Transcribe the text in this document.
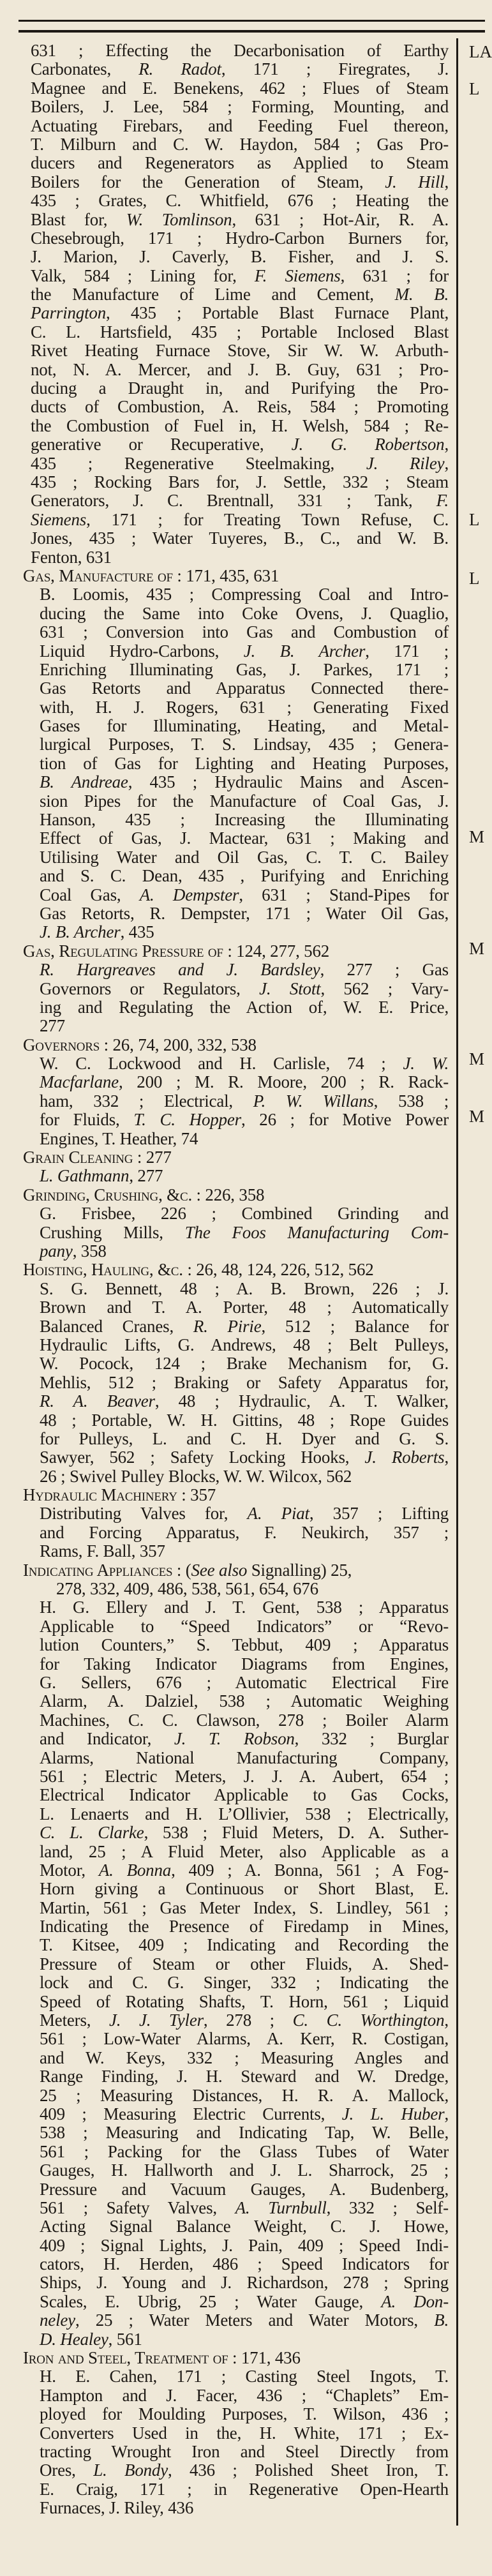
631 ; Effecting the Decarbonisation of Earthy
Carbonates, R. Radot, 171 ; Firegrates, J.
Magnee and E. Benekens, 462 ; Flues of Steam
Boilers, J. Lee, 584 ; Forming, Mounting, and
Actuating Firebars, and Feeding Fuel thereon,
T. Milburn and C. W. Haydon, 584 ; Gas Pro-
ducers and Regenerators as Applied to Steam
Boilers for the Generation of Steam, J. Hill,
435 ; Grates, C. Whitfield, 676 ; Heating the
Blast for, W. Tomlinson, 631 ; Hot-Air, R. A.
Chesebrough, 171 ; Hydro-Carbon Burners for,
J. Marion, J. Caverly, B. Fisher, and J. S.
Valk, 584 ; Lining for, F. Siemens, 631 ; for
the Manufacture of Lime and Cement, M. B.
Parrington, 435 ; Portable Blast Furnace Plant,
C. L. Hartsfield, 435 ; Portable Inclosed Blast
Rivet Heating Furnace Stove, Sir W. W. Arbuth-
not, N. A. Mercer, and J. B. Guy, 631 ; Pro-
ducing a Draught in, and Purifying the Pro-
ducts of Combustion, A. Reis, 584 ; Promoting
the Combustion of Fuel in, H. Welsh, 584 ; Re-
generative or Recuperative, J. G. Robertson,
435 ; Regenerative Steelmaking, J. Riley,
435 ; Rocking Bars for, J. Settle, 332 ; Steam
Generators, J. C. Brentnall, 331 ; Tank, F.
Siemens, 171 ; for Treating Town Refuse, C.
Jones, 435 ; Water Tuyeres, B., C., and W. B.
Fenton, 631
Gas, Manufacture of : 171, 435, 631
B. Loomis, 435 ; Compressing Coal and Intro-
ducing the Same into Coke Ovens, J. Quaglio,
631 ; Conversion into Gas and Combustion of
Liquid Hydro-Carbons, J. B. Archer, 171 ;
Enriching Illuminating Gas, J. Parkes, 171 ;
Gas Retorts and Apparatus Connected there-
with, H. J. Rogers, 631 ; Generating Fixed
Gases for Illuminating, Heating, and Metal-
lurgical Purposes, T. S. Lindsay, 435 ; Genera-
tion of Gas for Lighting and Heating Purposes,
B. Andreae, 435 ; Hydraulic Mains and Ascen-
sion Pipes for the Manufacture of Coal Gas, J.
Hanson, 435 ; Increasing the Illuminating
Effect of Gas, J. Mactear, 631 ; Making and
Utilising Water and Oil Gas, C. T. C. Bailey
and S. C. Dean, 435 , Purifying and Enriching
Coal Gas, A. Dempster, 631 ; Stand-Pipes for
Gas Retorts, R. Dempster, 171 ; Water Oil Gas,
J. B. Archer, 435
Gas, Regulating Pressure of : 124, 277, 562
R. Hargreaves and J. Bardsley, 277 ; Gas
Governors or Regulators, J. Stott, 562 ; Vary-
ing and Regulating the Action of, W. E. Price,
277
Governors : 26, 74, 200, 332, 538
W. C. Lockwood and H. Carlisle, 74 ; J. W.
Macfarlane, 200 ; M. R. Moore, 200 ; R. Rack-
ham, 332 ; Electrical, P. W. Willans, 538 ;
for Fluids, T. C. Hopper, 26 ; for Motive Power
Engines, T. Heather, 74
Grain Cleaning : 277
L. Gathmann, 277
Grinding, Crushing, &c. : 226, 358
G. Frisbee, 226 ; Combined Grinding and
Crushing Mills, The Foos Manufacturing Com-
pany, 358
Hoisting, Hauling, &c. : 26, 48, 124, 226, 512, 562
S. G. Bennett, 48 ; A. B. Brown, 226 ; J.
Brown and T. A. Porter, 48 ; Automatically
Balanced Cranes, R. Pirie, 512 ; Balance for
Hydraulic Lifts, G. Andrews, 48 ; Belt Pulleys,
W. Pocock, 124 ; Brake Mechanism for, G.
Mehlis, 512 ; Braking or Safety Apparatus for,
R. A. Beaver, 48 ; Hydraulic, A. T. Walker,
48 ; Portable, W. H. Gittins, 48 ; Rope Guides
for Pulleys, L. and C. H. Dyer and G. S.
Sawyer, 562 ; Safety Locking Hooks, J. Roberts,
26 ; Swivel Pulley Blocks, W. W. Wilcox, 562
Hydraulic Machinery : 357
Distributing Valves for, A. Piat, 357 ; Lifting
and Forcing Apparatus, F. Neukirch, 357 ;
Rams, F. Ball, 357
Indicating Appliances : (See also Signalling) 25,
278, 332, 409, 486, 538, 561, 654, 676
H. G. Ellery and J. T. Gent, 538 ; Apparatus
Applicable to “Speed Indicators” or “Revo-
lution Counters,” S. Tebbut, 409 ; Apparatus
for Taking Indicator Diagrams from Engines,
G. Sellers, 676 ; Automatic Electrical Fire
Alarm, A. Dalziel, 538 ; Automatic Weighing
Machines, C. C. Clawson, 278 ; Boiler Alarm
and Indicator, J. T. Robson, 332 ; Burglar
Alarms, National Manufacturing Company,
561 ; Electric Meters, J. J. A. Aubert, 654 ;
Electrical Indicator Applicable to Gas Cocks,
L. Lenaerts and H. L’Ollivier, 538 ; Electrically,
C. L. Clarke, 538 ; Fluid Meters, D. A. Suther-
land, 25 ; A Fluid Meter, also Applicable as a
Motor, A. Bonna, 409 ; A. Bonna, 561 ; A Fog-
Horn giving a Continuous or Short Blast, E.
Martin, 561 ; Gas Meter Index, S. Lindley, 561 ;
Indicating the Presence of Firedamp in Mines,
T. Kitsee, 409 ; Indicating and Recording the
Pressure of Steam or other Fluids, A. Shed-
lock and C. G. Singer, 332 ; Indicating the
Speed of Rotating Shafts, T. Horn, 561 ; Liquid
Meters, J. J. Tyler, 278 ; C. C. Worthington,
561 ; Low-Water Alarms, A. Kerr, R. Costigan,
and W. Keys, 332 ; Measuring Angles and
Range Finding, J. H. Steward and W. Dredge,
25 ; Measuring Distances, H. R. A. Mallock,
409 ; Measuring Electric Currents, J. L. Huber,
538 ; Measuring and Indicating Tap, W. Belle,
561 ; Packing for the Glass Tubes of Water
Gauges, H. Hallworth and J. L. Sharrock, 25 ;
Pressure and Vacuum Gauges, A. Budenberg,
561 ; Safety Valves, A. Turnbull, 332 ; Self-
Acting Signal Balance Weight, C. J. Howe,
409 ; Signal Lights, J. Pain, 409 ; Speed Indi-
cators, H. Herden, 486 ; Speed Indicators for
Ships, J. Young and J. Richardson, 278 ; Spring
Scales, E. Ubrig, 25 ; Water Gauge, A. Don-
neley, 25 ; Water Meters and Water Motors, B.
D. Healey, 561
Iron and Steel, Treatment of : 171, 436
H. E. Cahen, 171 ; Casting Steel Ingots, T.
Hampton and J. Facer, 436 ; “Chaplets” Em-
ployed for Moulding Purposes, T. Wilson, 436 ;
Converters Used in the, H. White, 171 ; Ex-
tracting Wrought Iron and Steel Directly from
Ores, L. Bondy, 436 ; Polished Sheet Iron, T.
E. Craig, 171 ; in Regenerative Open-Hearth
Furnaces, J. Riley, 436
LA
L
L
L
M
M
M
M
